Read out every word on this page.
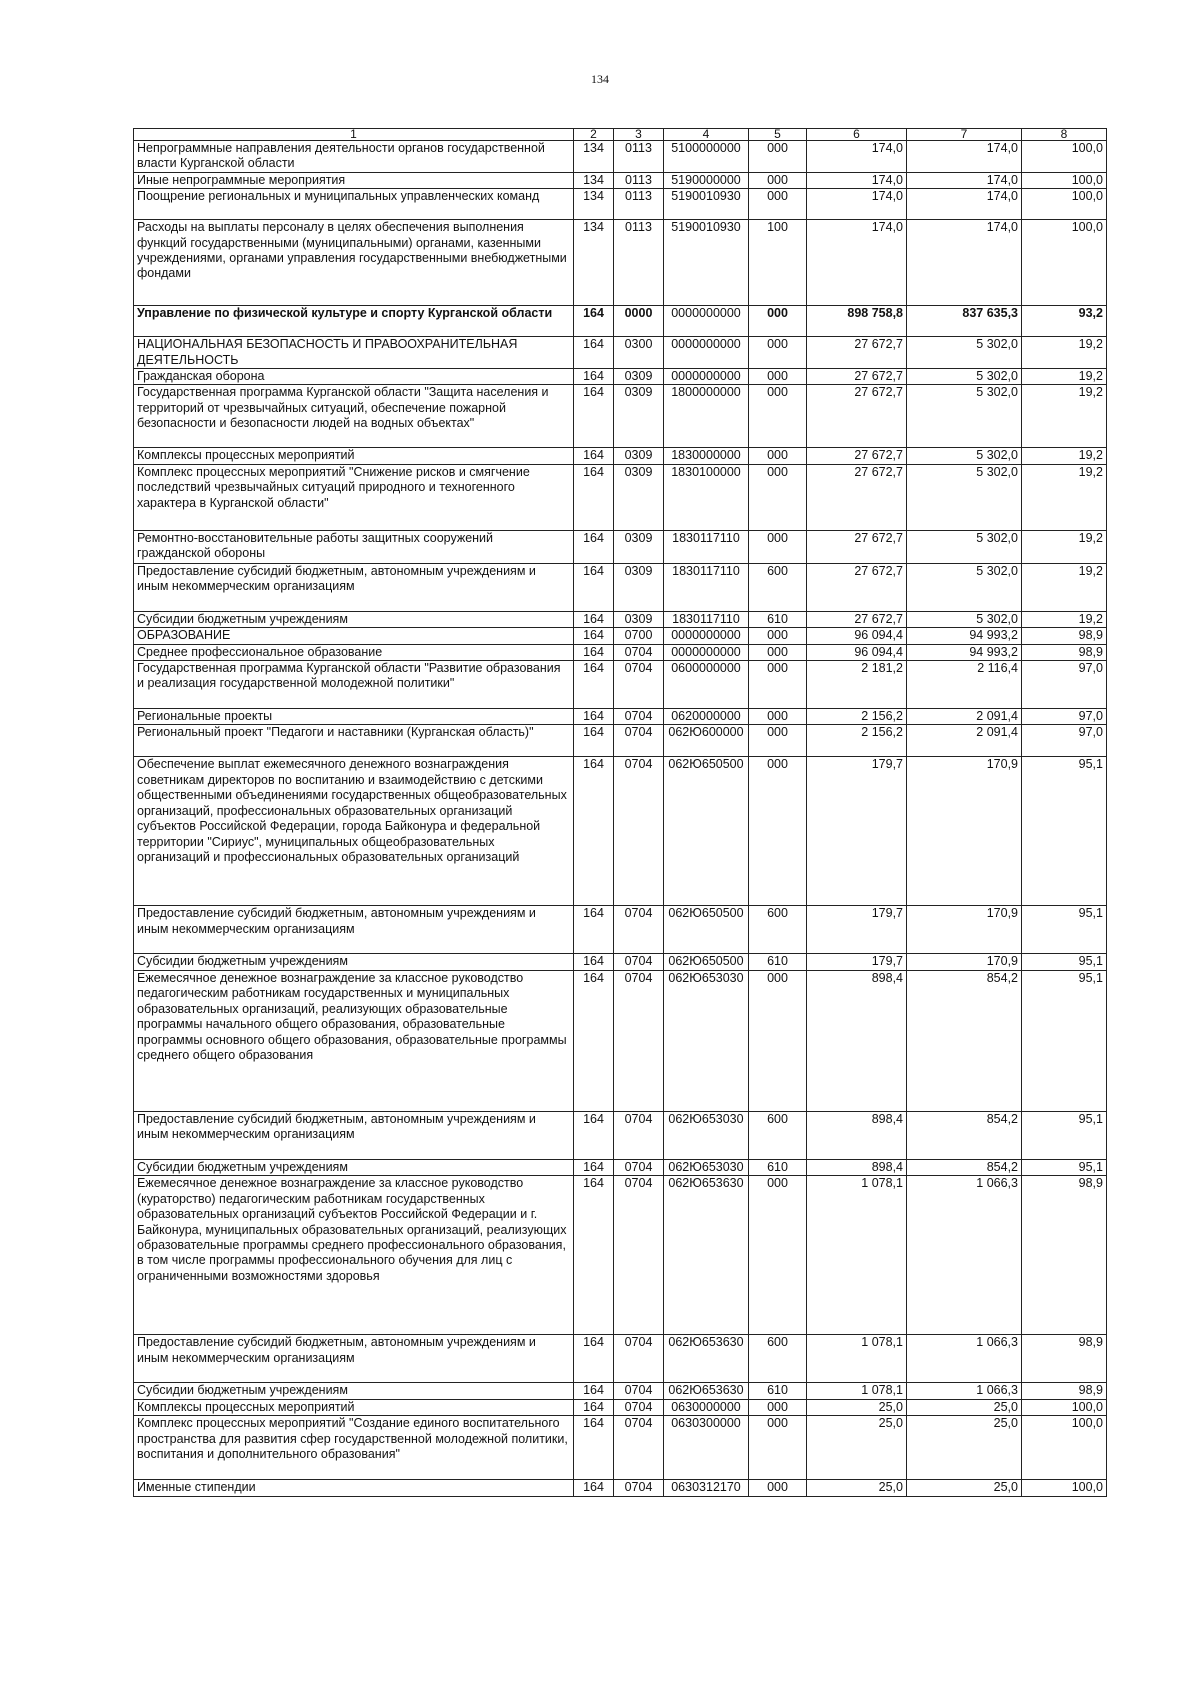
134
1	2	3	4	5	6	7	8
Непрограммные направления деятельности органов государственной власти Курганской области	134	0113	5100000000	000	174,0	174,0	100,0
Иные непрограммные мероприятия	134	0113	5190000000	000	174,0	174,0	100,0
Поощрение региональных и муниципальных управленческих команд	134	0113	5190010930	000	174,0	174,0	100,0
Расходы на выплаты персоналу в целях обеспечения выполнения функций государственными (муниципальными) органами, казенными учреждениями, органами управления государственными внебюджетными фондами	134	0113	5190010930	100	174,0	174,0	100,0
Управление по физической культуре и спорту Курганской области	164	0000	0000000000	000	898 758,8	837 635,3	93,2
НАЦИОНАЛЬНАЯ БЕЗОПАСНОСТЬ И ПРАВООХРАНИТЕЛЬНАЯ ДЕЯТЕЛЬНОСТЬ	164	0300	0000000000	000	27 672,7	5 302,0	19,2
Гражданская оборона	164	0309	0000000000	000	27 672,7	5 302,0	19,2
Государственная программа Курганской области "Защита населения и территорий от чрезвычайных ситуаций, обеспечение пожарной безопасности и безопасности людей на водных объектах"	164	0309	1800000000	000	27 672,7	5 302,0	19,2
Комплексы процессных мероприятий	164	0309	1830000000	000	27 672,7	5 302,0	19,2
Комплекс процессных мероприятий "Снижение рисков и смягчение последствий чрезвычайных ситуаций природного и техногенного характера в Курганской области"	164	0309	1830100000	000	27 672,7	5 302,0	19,2
Ремонтно-восстановительные работы защитных сооружений гражданской обороны	164	0309	1830117110	000	27 672,7	5 302,0	19,2
Предоставление субсидий бюджетным, автономным учреждениям и иным некоммерческим организациям	164	0309	1830117110	600	27 672,7	5 302,0	19,2
Субсидии бюджетным учреждениям	164	0309	1830117110	610	27 672,7	5 302,0	19,2
ОБРАЗОВАНИЕ	164	0700	0000000000	000	96 094,4	94 993,2	98,9
Среднее профессиональное образование	164	0704	0000000000	000	96 094,4	94 993,2	98,9
Государственная программа Курганской области "Развитие образования и реализация государственной молодежной политики"	164	0704	0600000000	000	2 181,2	2 116,4	97,0
Региональные проекты	164	0704	0620000000	000	2 156,2	2 091,4	97,0
Региональный проект "Педагоги и наставники (Курганская область)"	164	0704	062Ю600000	000	2 156,2	2 091,4	97,0
Обеспечение выплат ежемесячного денежного вознаграждения советникам директоров по воспитанию и взаимодействию с детскими общественными объединениями государственных общеобразовательных организаций, профессиональных образовательных организаций субъектов Российской Федерации, города Байконура и федеральной территории "Сириус", муниципальных общеобразовательных организаций и профессиональных образовательных организаций	164	0704	062Ю650500	000	179,7	170,9	95,1
Предоставление субсидий бюджетным, автономным учреждениям и иным некоммерческим организациям	164	0704	062Ю650500	600	179,7	170,9	95,1
Субсидии бюджетным учреждениям	164	0704	062Ю650500	610	179,7	170,9	95,1
Ежемесячное денежное вознаграждение за классное руководство педагогическим работникам государственных и муниципальных образовательных организаций, реализующих образовательные программы начального общего образования, образовательные программы основного общего образования, образовательные программы среднего общего образования	164	0704	062Ю653030	000	898,4	854,2	95,1
Предоставление субсидий бюджетным, автономным учреждениям и иным некоммерческим организациям	164	0704	062Ю653030	600	898,4	854,2	95,1
Субсидии бюджетным учреждениям	164	0704	062Ю653030	610	898,4	854,2	95,1
Ежемесячное денежное вознаграждение за классное руководство (кураторство) педагогическим работникам государственных образовательных организаций субъектов Российской Федерации и г. Байконура, муниципальных образовательных организаций, реализующих образовательные программы среднего профессионального образования, в том числе программы профессионального обучения для лиц с ограниченными возможностями здоровья	164	0704	062Ю653630	000	1 078,1	1 066,3	98,9
Предоставление субсидий бюджетным, автономным учреждениям и иным некоммерческим организациям	164	0704	062Ю653630	600	1 078,1	1 066,3	98,9
Субсидии бюджетным учреждениям	164	0704	062Ю653630	610	1 078,1	1 066,3	98,9
Комплексы процессных мероприятий	164	0704	0630000000	000	25,0	25,0	100,0
Комплекс процессных мероприятий "Создание единого воспитательного пространства для развития сфер государственной молодежной политики, воспитания и дополнительного образования"	164	0704	0630300000	000	25,0	25,0	100,0
Именные стипендии	164	0704	0630312170	000	25,0	25,0	100,0
